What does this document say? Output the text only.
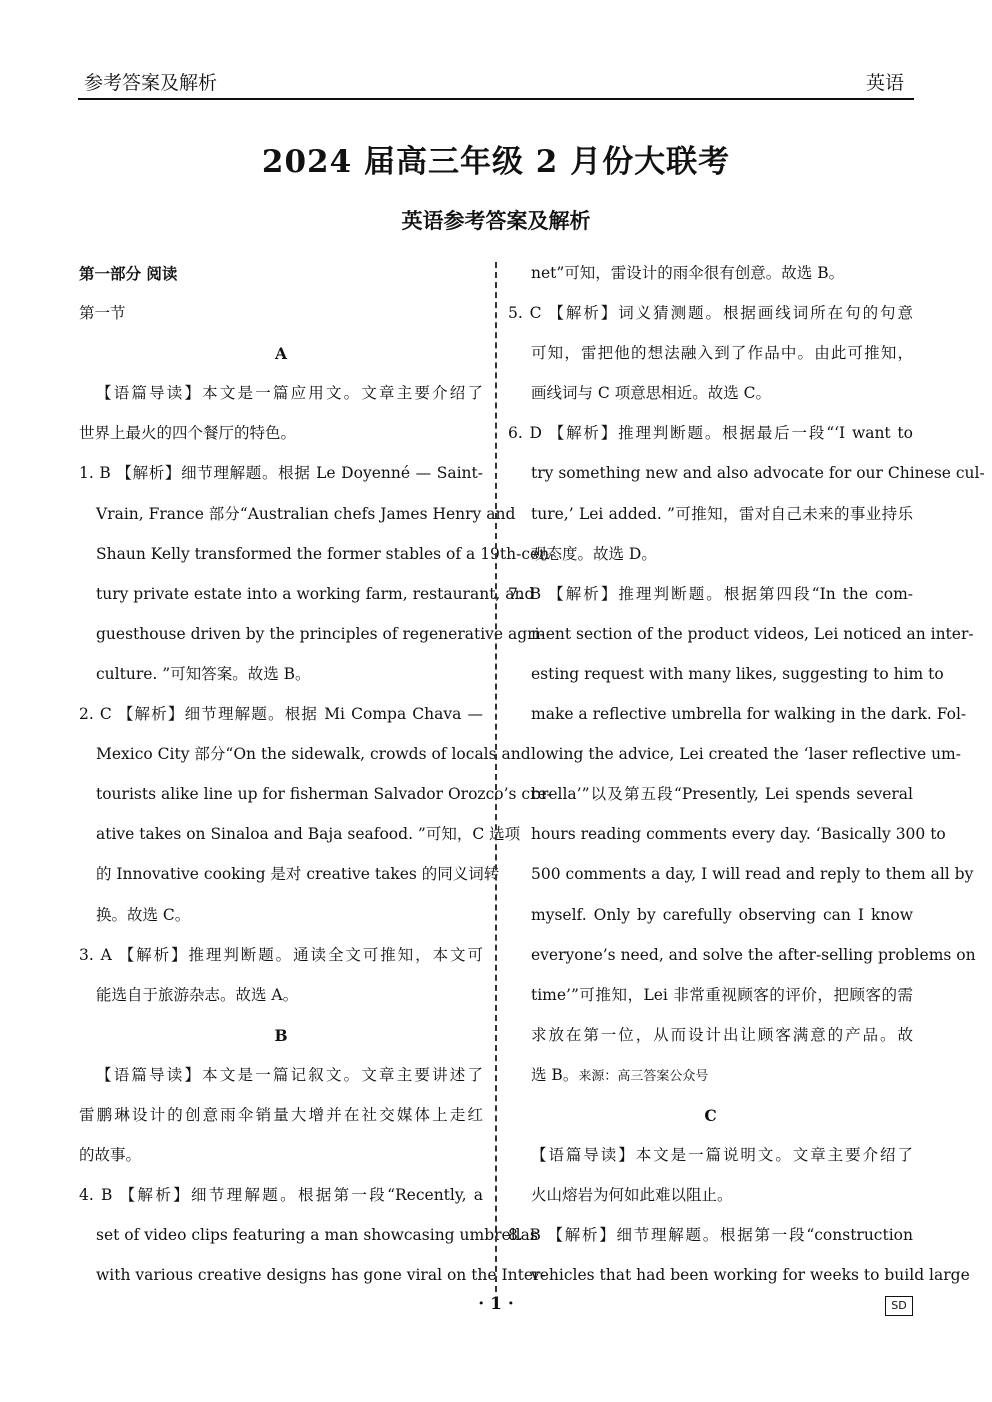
参考答案及解析	英语
2024 届高三年级 2 月份大联考
英语参考答案及解析
第一部分 阅读
第一节
A
【语篇导读】本文是一篇应用文。文章主要介绍了
世界上最火的四个餐厅的特色。
1. B 【解析】细节理解题。根据 Le Doyenné — Saint-
Vrain, France 部分“Australian chefs James Henry and
Shaun Kelly transformed the former stables of a 19th-cen-
tury private estate into a working farm, restaurant, and
guesthouse driven by the principles of regenerative agri-
culture. ”可知答案。故选 B。
2. C 【解析】细节理解题。根据 Mi Compa Chava —
Mexico City 部分“On the sidewalk, crowds of locals and
tourists alike line up for fisherman Salvador Orozco’s cre-
ative takes on Sinaloa and Baja seafood. ”可知，C 选项
的 Innovative cooking 是对 creative takes 的同义词转
换。故选 C。
3. A 【解析】推理判断题。通读全文可推知，本文可
能选自于旅游杂志。故选 A。
B
【语篇导读】本文是一篇记叙文。文章主要讲述了
雷鹏琳设计的创意雨伞销量大增并在社交媒体上走红
的故事。
4. B 【解析】细节理解题。根据第一段“Recently, a
set of video clips featuring a man showcasing umbrellas
with various creative designs has gone viral on the Inter-
net”可知，雷设计的雨伞很有创意。故选 B。
5. C 【解析】词义猜测题。根据画线词所在句的句意
可知，雷把他的想法融入到了作品中。由此可推知，
画线词与 C 项意思相近。故选 C。
6. D 【解析】推理判断题。根据最后一段“‘I want to
try something new and also advocate for our Chinese cul-
ture,’ Lei added. ”可推知，雷对自己未来的事业持乐
观态度。故选 D。
7. B 【解析】推理判断题。根据第四段“In the com-
ment section of the product videos, Lei noticed an inter-
esting request with many likes, suggesting to him to
make a reflective umbrella for walking in the dark. Fol-
lowing the advice, Lei created the ‘laser reflective um-
brella’”以及第五段“Presently, Lei spends several
hours reading comments every day. ‘Basically 300 to
500 comments a day, I will read and reply to them all by
myself. Only by carefully observing can I know
everyone’s need, and solve the after-selling problems on
time’”可推知，Lei 非常重视顾客的评价，把顾客的需
求放在第一位，从而设计出让顾客满意的产品。故
选 B。来源：高三答案公众号
C
【语篇导读】本文是一篇说明文。文章主要介绍了
火山熔岩为何如此难以阻止。
8. B 【解析】细节理解题。根据第一段“construction
vehicles that had been working for weeks to build large
· 1 ·	SD
